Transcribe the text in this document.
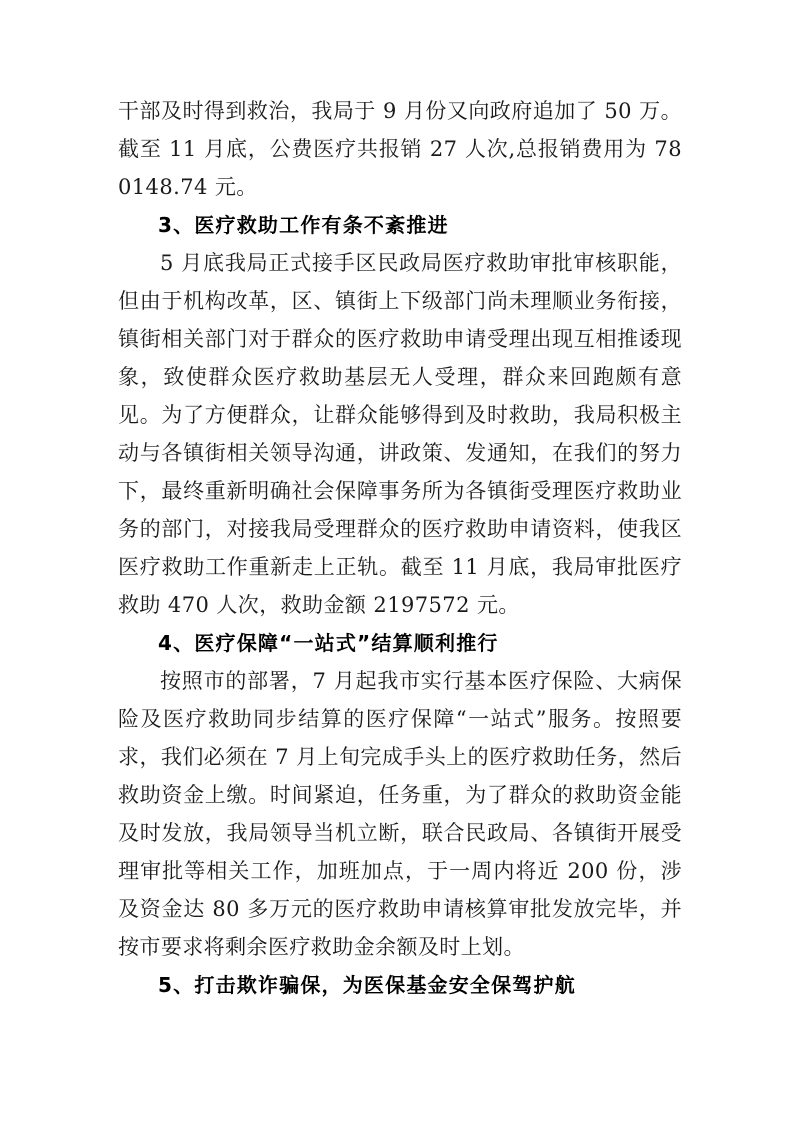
干部及时得到救治，我局于 9 月份又向政府追加了 50 万。截至 11 月底，公费医疗共报销 27 人次,总报销费用为 780148.74 元。

3、医疗救助工作有条不紊推进

5 月底我局正式接手区民政局医疗救助审批审核职能，但由于机构改革，区、镇街上下级部门尚未理顺业务衔接，镇街相关部门对于群众的医疗救助申请受理出现互相推诿现象，致使群众医疗救助基层无人受理，群众来回跑颇有意见。为了方便群众，让群众能够得到及时救助，我局积极主动与各镇街相关领导沟通，讲政策、发通知，在我们的努力下，最终重新明确社会保障事务所为各镇街受理医疗救助业务的部门，对接我局受理群众的医疗救助申请资料，使我区医疗救助工作重新走上正轨。截至 11 月底，我局审批医疗救助 470 人次，救助金额 2197572 元。

4、医疗保障“一站式”结算顺利推行

按照市的部署，7 月起我市实行基本医疗保险、大病保险及医疗救助同步结算的医疗保障“一站式”服务。按照要求，我们必须在 7 月上旬完成手头上的医疗救助任务，然后救助资金上缴。时间紧迫，任务重，为了群众的救助资金能及时发放，我局领导当机立断，联合民政局、各镇街开展受理审批等相关工作，加班加点，于一周内将近 200 份，涉及资金达 80 多万元的医疗救助申请核算审批发放完毕，并按市要求将剩余医疗救助金余额及时上划。

5、打击欺诈骗保，为医保基金安全保驾护航
